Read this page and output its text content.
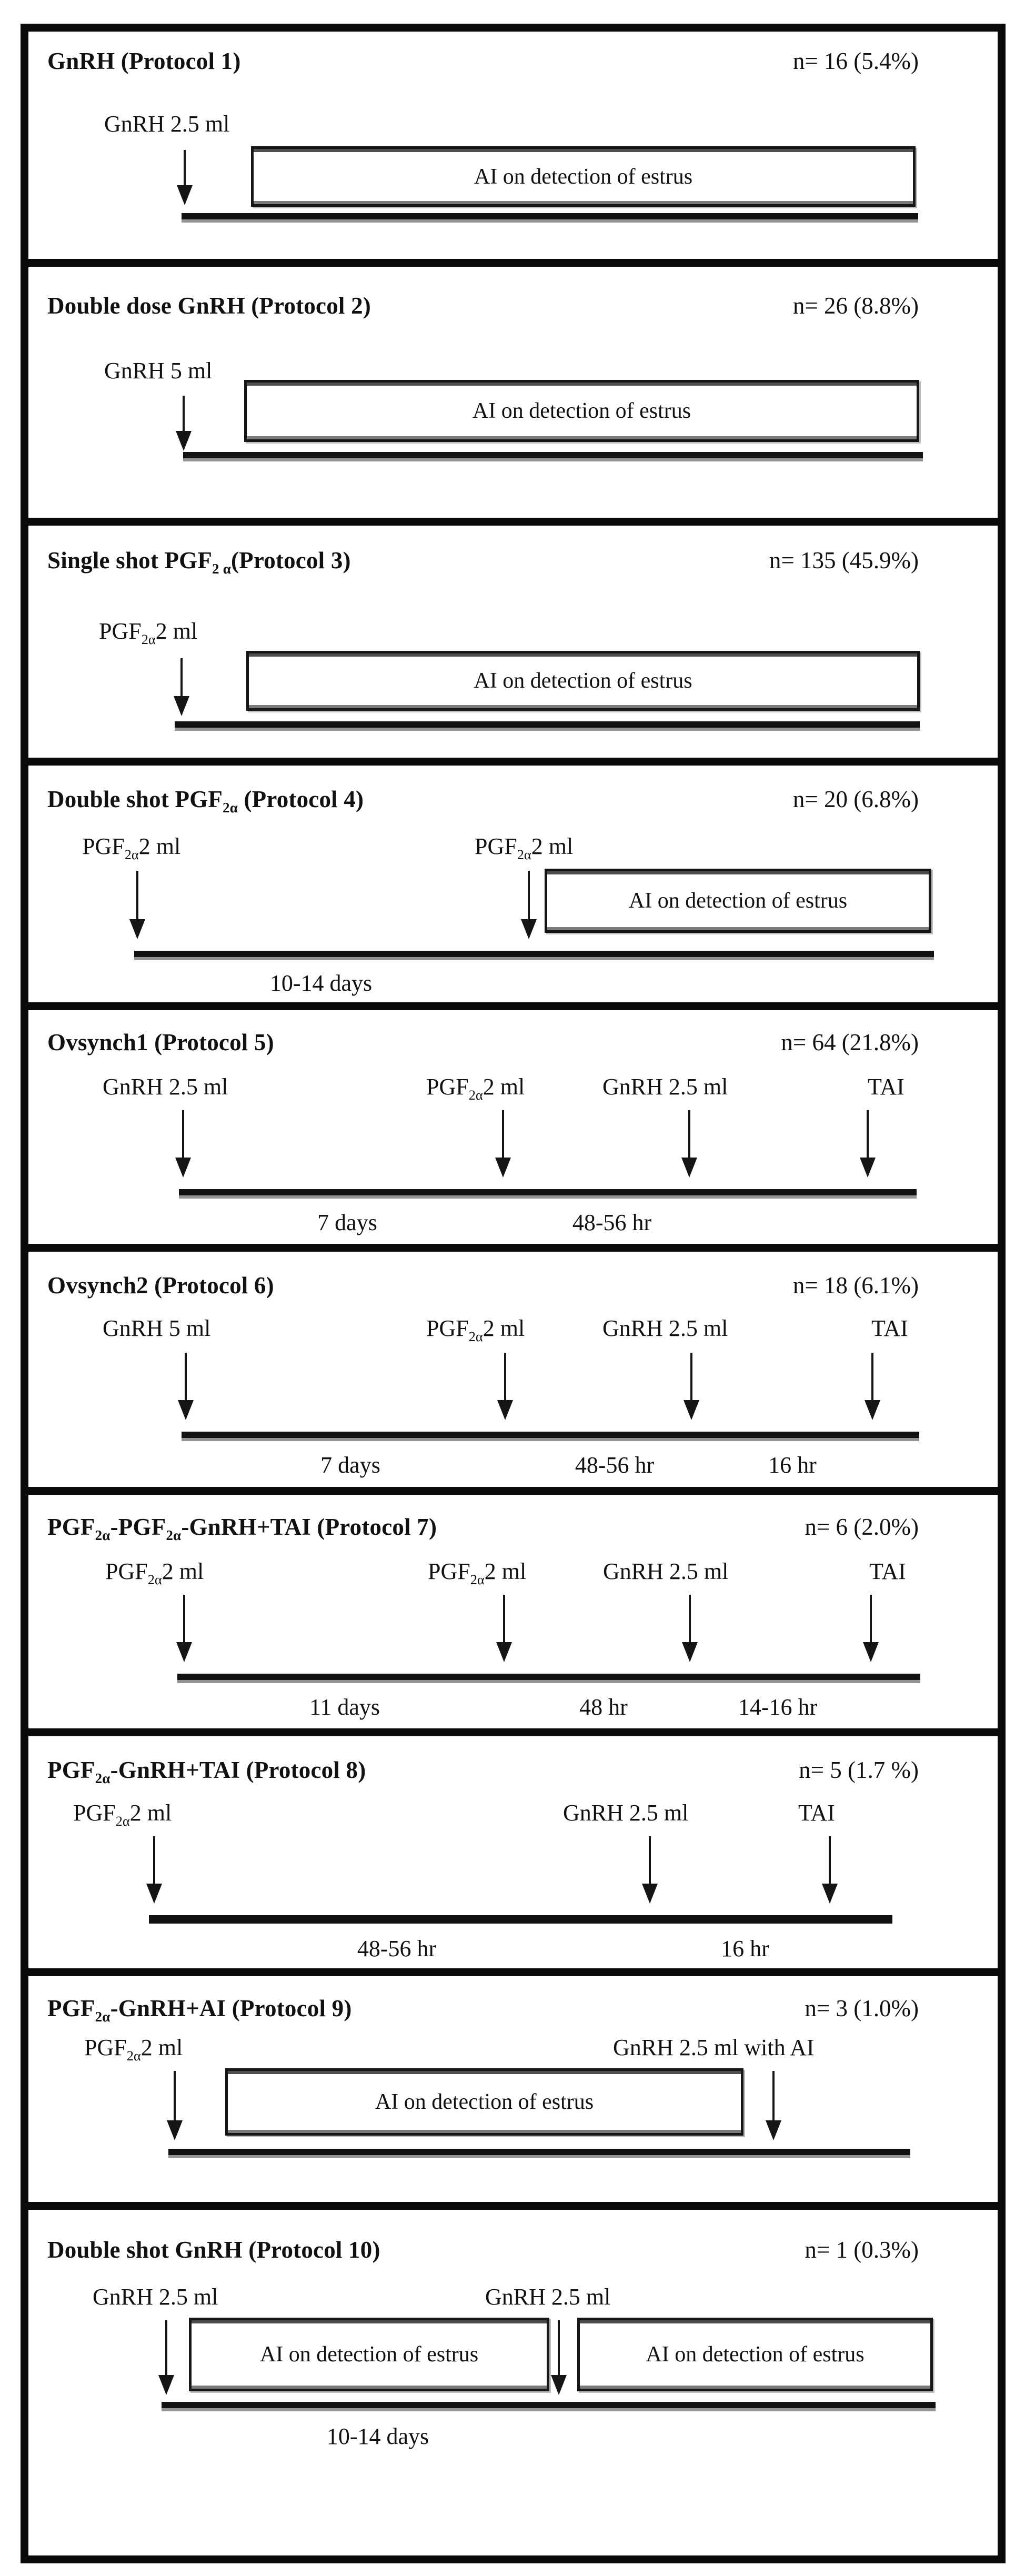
GnRH (Protocol 1)	n= 16 (5.4%)
GnRH 2.5 ml
AI on detection of estrus
Double dose GnRH (Protocol 2)	n= 26 (8.8%)
GnRH 5 ml
AI on detection of estrus
Single shot $PGF_{2 \alpha}(Protocol$ 3)	n= 135 (45.9%)
$PGF_{2\alpha}2$ ml
AI on detection of estrus
Double shot $PGF_{2\alpha}$ (Protocol 4)	n= 20 (6.8%)
$PGF_{2\alpha}2$ ml	$PGF_{2\alpha}2$ ml
AI on detection of estrus
10-14 days
Ovsynch1 (Protocol 5)	n= 64 (21.8%)
GnRH 2.5 ml	$PGF_{2\alpha}2$ ml	GnRH 2.5 ml	TAI
7 days	48-56 hr
Ovsynch2 (Protocol 6)	n= 18 (6.1%)
GnRH 5 ml	$PGF_{2\alpha}2$ ml	GnRH 2.5 ml	TAI
7 days	48-56 hr	16 hr
$PGF_{2\alpha}-PGF_{2\alpha}-GnRH+TAI$ (Protocol 7)	n= 6 (2.0%)
$PGF_{2\alpha}2$ ml	$PGF_{2\alpha}2$ ml	GnRH 2.5 ml	TAI
11 days	48 hr	14-16 hr
$PGF_{2\alpha}-GnRH+TAI$ (Protocol 8)	n= 5 (1.7 %)
$PGF_{2\alpha}2$ ml	GnRH 2.5 ml	TAI
48-56 hr	16 hr
$PGF_{2\alpha}-GnRH+AI$ (Protocol 9)	n= 3 (1.0%)
$PGF_{2\alpha}2$ ml	GnRH 2.5 ml with AI
AI on detection of estrus
Double shot GnRH (Protocol 10)	n= 1 (0.3%)
GnRH 2.5 ml	GnRH 2.5 ml
AI on detection of estrus	AI on detection of estrus
10-14 days
